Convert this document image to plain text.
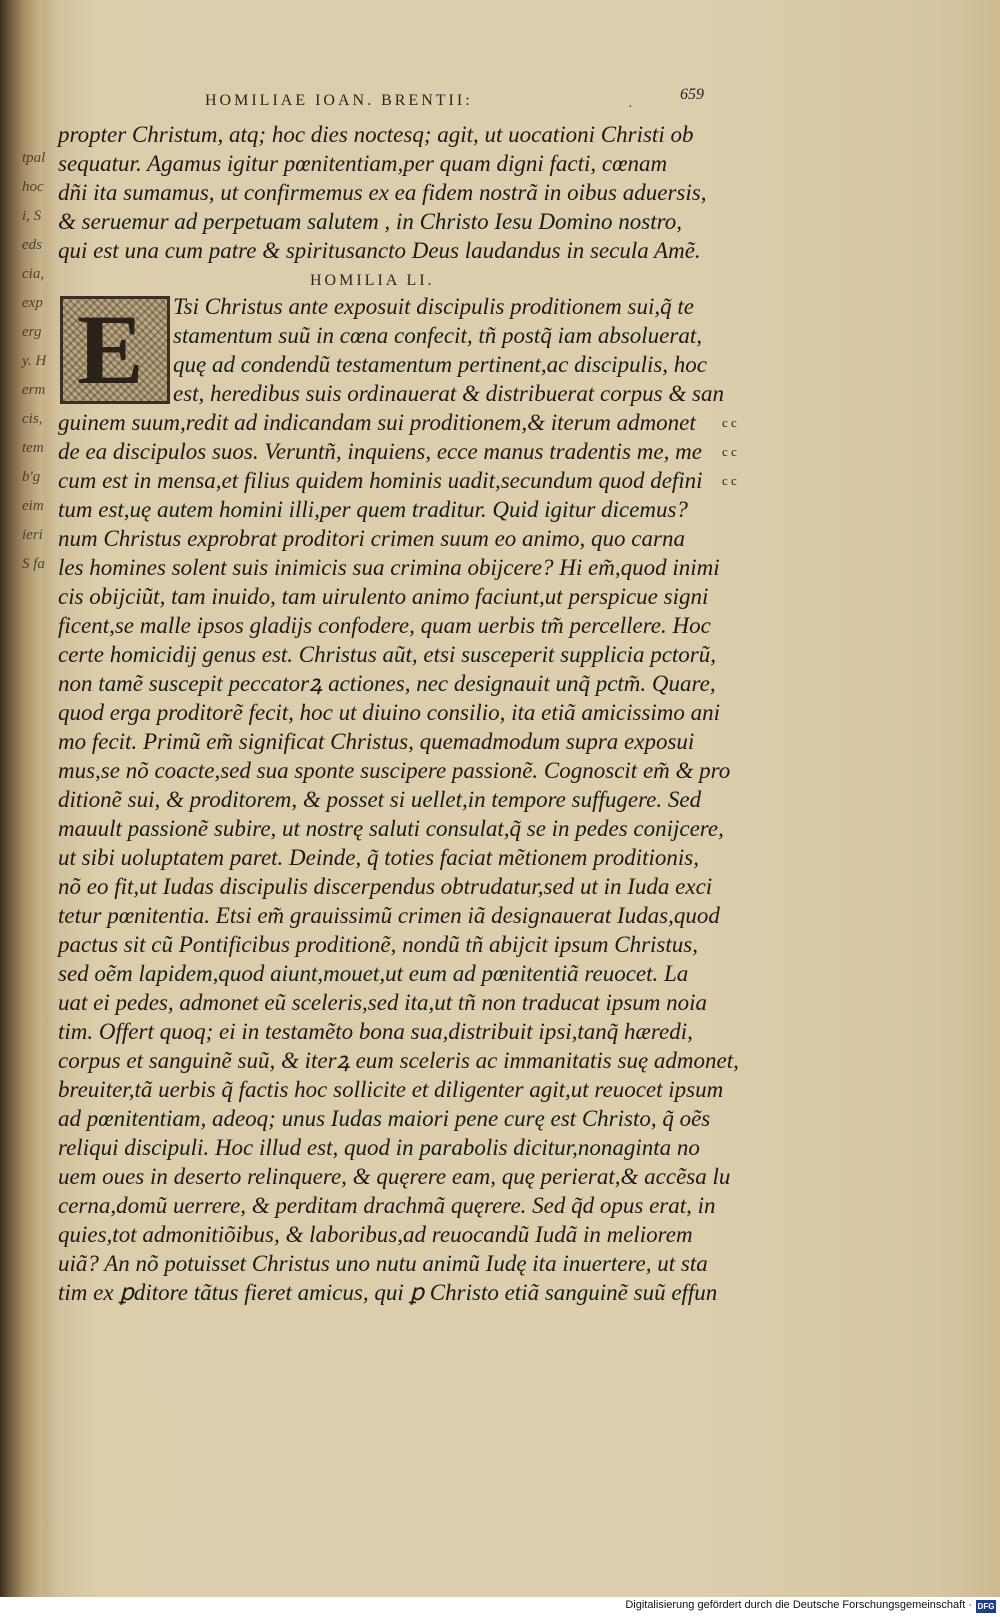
tpal
hoc
i, S
eds
cia,
exp
erg
y. H
erm
cis,
tem
b'g
eim
ieri
S fa
HOMILIAE IOAN. BRENTII:	·
659
propter Christum, atq; hoc dies noctesq; agit, ut uocationi Christi ob
sequatur. Agamus igitur pœnitentiam,per quam digni facti, cœnam
dñi ita sumamus, ut confirmemus ex ea fidem nostrã in oibus aduersis,
& seruemur ad perpetuam salutem , in Christo Iesu Domino nostro,
qui est una cum patre & spiritusancto Deus laudandus in secula Amẽ.
HOMILIA LI.
Tsi Christus ante exposuit discipulis proditionem sui,q̃ te
stamentum suũ in cœna confecit, tñ postq̃ iam absoluerat,
quę ad condendũ testamentum pertinent,ac discipulis, hoc
est, heredibus suis ordinauerat & distribuerat corpus & san
guinem suum,redit ad indicandam sui proditionem,& iterum admonet
de ea discipulos suos. Veruntñ, inquiens, ecce manus tradentis me, me
cum est in mensa,et filius quidem hominis uadit,secundum quod defini
tum est,uę autem homini illi,per quem traditur. Quid igitur dicemus?
num Christus exprobrat proditori crimen suum eo animo, quo carna
les homines solent suis inimicis sua crimina obijcere? Hi em̃,quod inimi
cis obijciũt, tam inuido, tam uirulento animo faciunt,ut perspicue signi
ficent,se malle ipsos gladijs confodere, quam uerbis tm̃ percellere. Hoc
certe homicidij genus est. Christus aũt, etsi susceperit supplicia pctorũ,
non tamẽ suscepit peccatorꝝ actiones, nec designauit unq̃ pctm̃. Quare,
quod erga proditorẽ fecit, hoc ut diuino consilio, ita etiã amicissimo ani
mo fecit. Primũ em̃ significat Christus, quemadmodum supra exposui
mus,se nõ coacte,sed sua sponte suscipere passionẽ. Cognoscit em̃ & pro
ditionẽ sui, & proditorem, & posset si uellet,in tempore suffugere. Sed
mauult passionẽ subire, ut nostrę saluti consulat,q̃ se in pedes conijcere,
ut sibi uoluptatem paret. Deinde, q̃ toties faciat mẽtionem proditionis,
nõ eo fit,ut Iudas discipulis discerpendus obtrudatur,sed ut in Iuda exci
tetur pœnitentia. Etsi em̃ grauissimũ crimen iã designauerat Iudas,quod
pactus sit cũ Pontificibus proditionẽ, nondũ tñ abijcit ipsum Christus,
sed oẽm lapidem,quod aiunt,mouet,ut eum ad pœnitentiã reuocet. La
uat ei pedes, admonet eũ sceleris,sed ita,ut tñ non traducat ipsum noia
tim. Offert quoq; ei in testamẽto bona sua,distribuit ipsi,tanq̃ hæredi,
corpus et sanguinẽ suũ, & iterꝝ eum sceleris ac immanitatis suę admonet,
breuiter,tã uerbis q̃ factis hoc sollicite et diligenter agit,ut reuocet ipsum
ad pœnitentiam, adeoq; unus Iudas maiori pene curę est Christo, q̃ oẽs
reliqui discipuli. Hoc illud est, quod in parabolis dicitur,nonaginta no
uem oues in deserto relinquere, & quęrere eam, quę perierat,& accẽsa lu
cerna,domũ uerrere, & perditam drachmã quęrere. Sed q̃d opus erat, in
quies,tot admonitiõibus, & laboribus,ad reuocandũ Iudã in meliorem
uiã? An nõ potuisset Christus uno nutu animũ Iudę ita inuertere, ut sta
tim ex ꝑditore tãtus fieret amicus, qui ꝑ Christo etiã sanguinẽ suũ effun
E
c c
c c
c c
Digitalisierung gefördert durch die Deutsche Forschungsgemeinschaft · DFG
